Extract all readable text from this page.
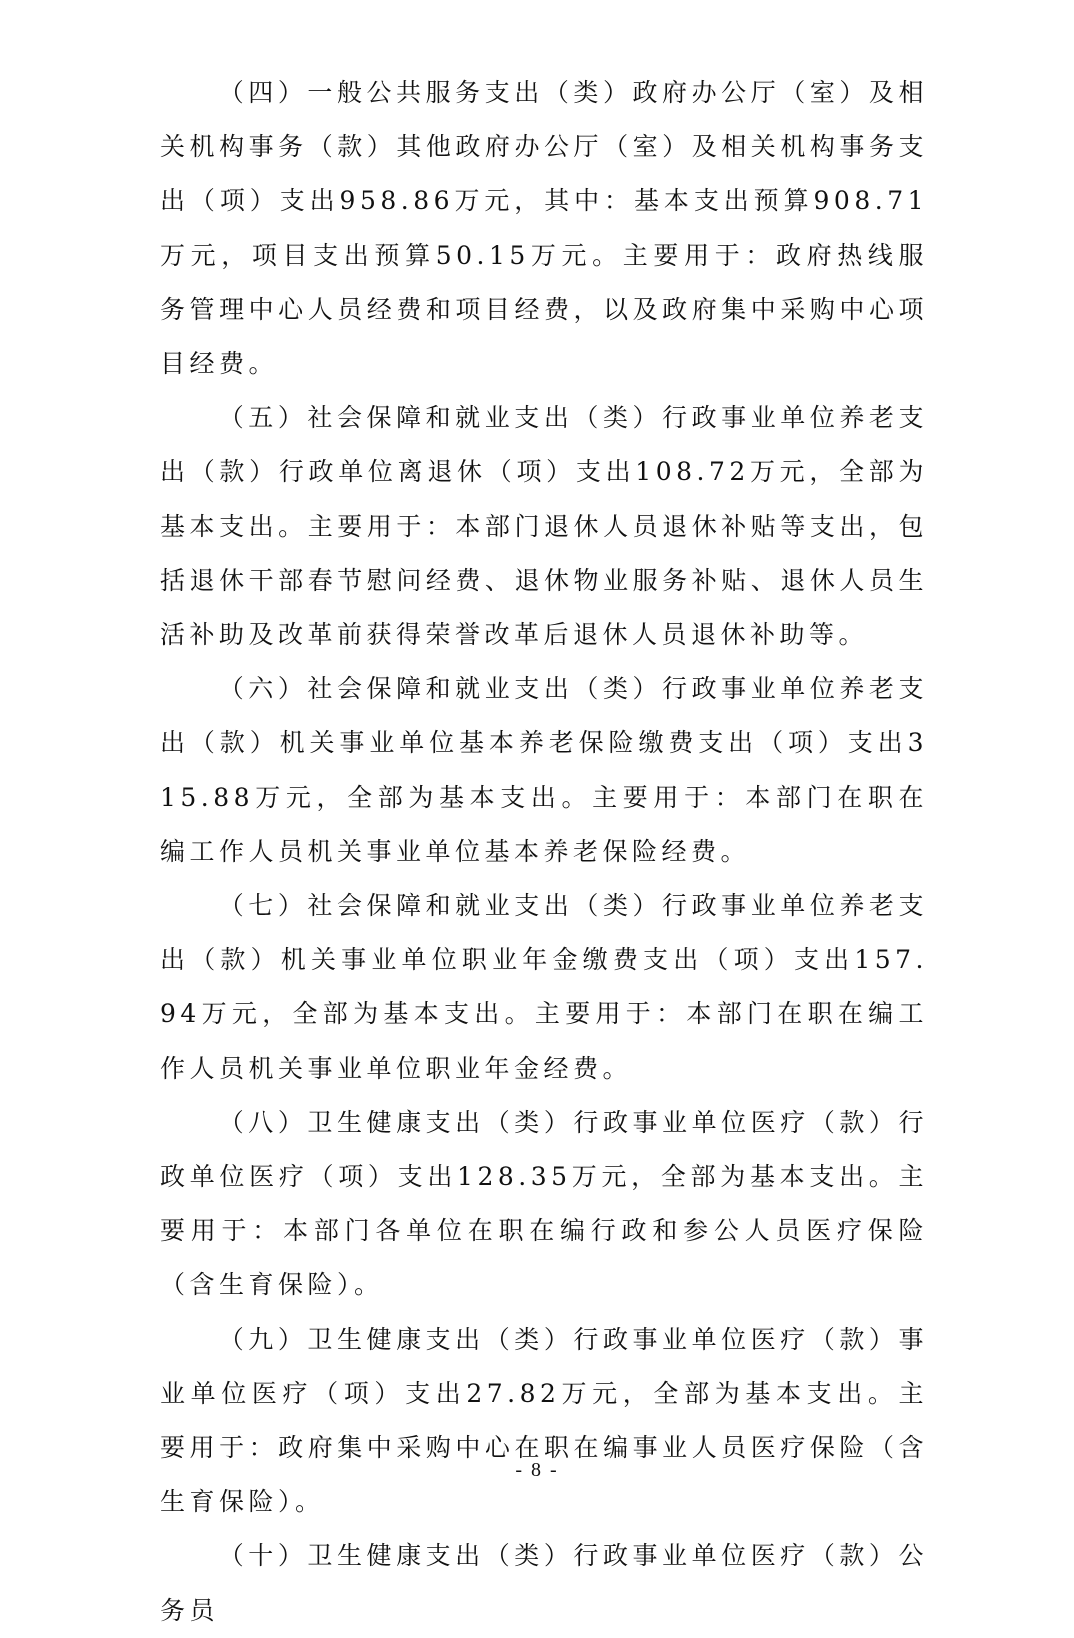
（四）一般公共服务支出（类）政府办公厅（室）及相关机构事务（款）其他政府办公厅（室）及相关机构事务支出（项）支出958.86万元，其中：基本支出预算908.71万元，项目支出预算50.15万元。主要用于：政府热线服务管理中心人员经费和项目经费，以及政府集中采购中心项目经费。

（五）社会保障和就业支出（类）行政事业单位养老支出（款）行政单位离退休（项）支出108.72万元，全部为基本支出。主要用于：本部门退休人员退休补贴等支出，包括退休干部春节慰问经费、退休物业服务补贴、退休人员生活补助及改革前获得荣誉改革后退休人员退休补助等。

（六）社会保障和就业支出（类）行政事业单位养老支出（款）机关事业单位基本养老保险缴费支出（项）支出315.88万元，全部为基本支出。主要用于：本部门在职在编工作人员机关事业单位基本养老保险经费。

（七）社会保障和就业支出（类）行政事业单位养老支出（款）机关事业单位职业年金缴费支出（项）支出157.94万元，全部为基本支出。主要用于：本部门在职在编工作人员机关事业单位职业年金经费。

（八）卫生健康支出（类）行政事业单位医疗（款）行政单位医疗（项）支出128.35万元，全部为基本支出。主要用于：本部门各单位在职在编行政和参公人员医疗保险（含生育保险）。

（九）卫生健康支出（类）行政事业单位医疗（款）事业单位医疗（项）支出27.82万元，全部为基本支出。主要用于：政府集中采购中心在职在编事业人员医疗保险（含生育保险）。

（十）卫生健康支出（类）行政事业单位医疗（款）公务员

- 8 -
